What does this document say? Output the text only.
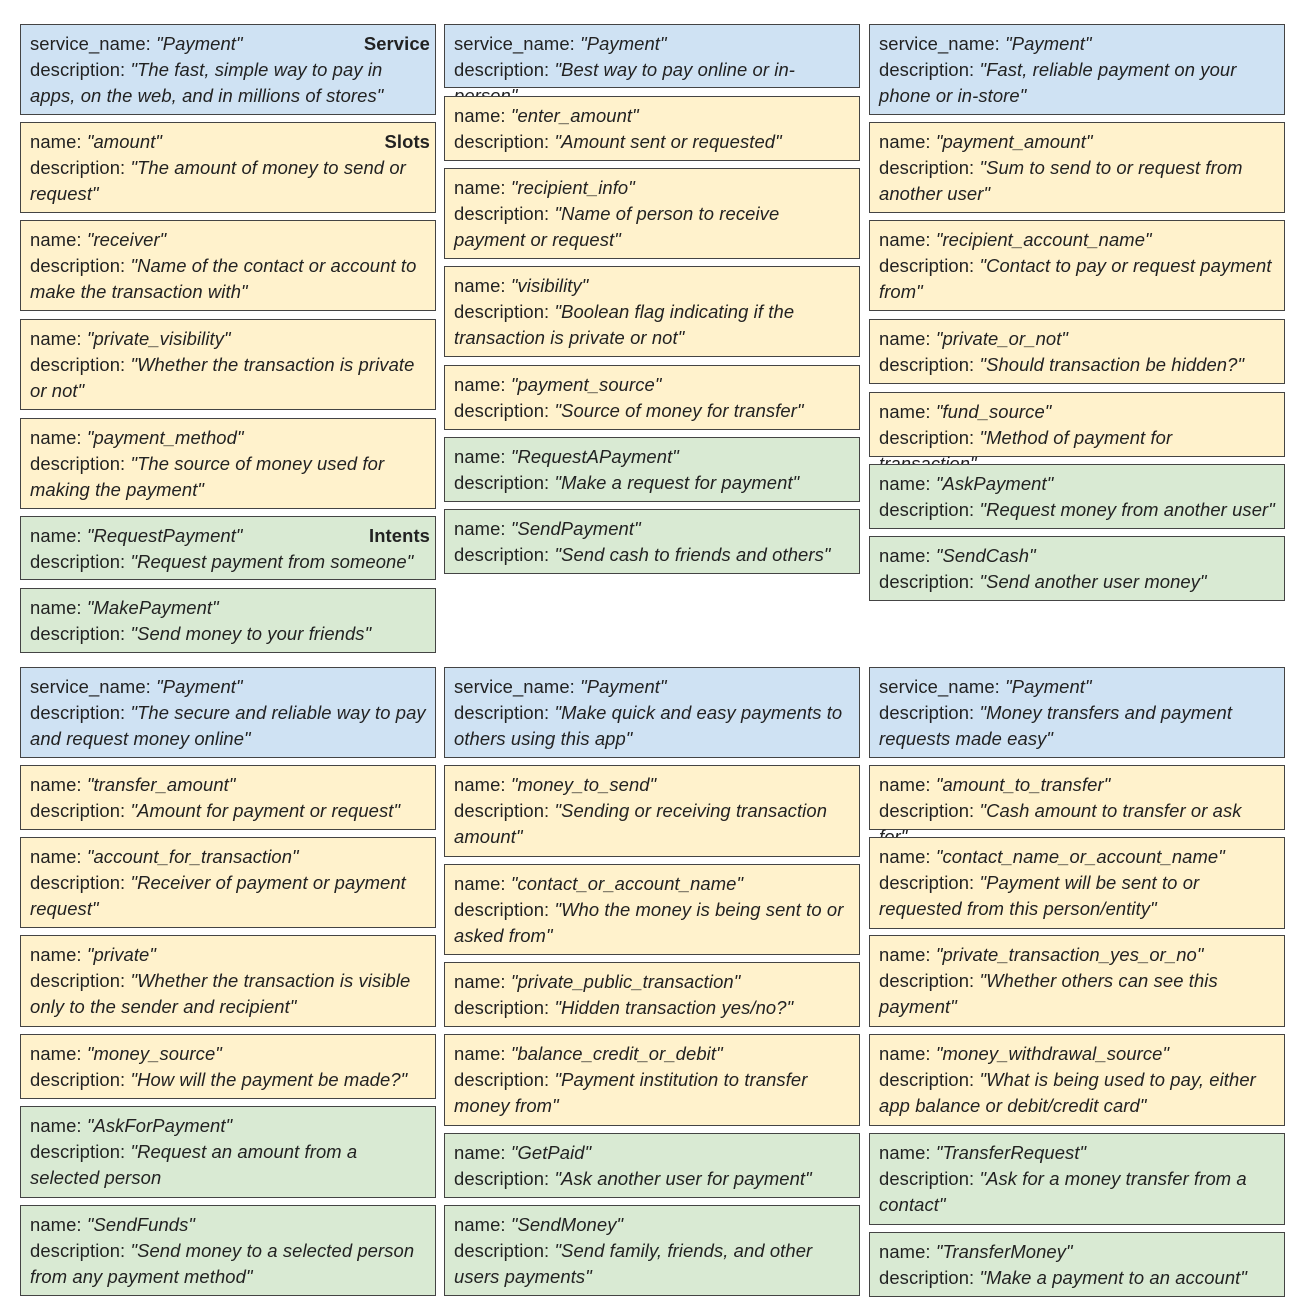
Service
service_name: "Payment"
description: "The fast, simple way to pay in apps, on the web, and in millions of stores"
Slots
name: "amount"
description: "The amount of money to send or request"
name: "receiver"
description: "Name of the contact or account to make the transaction with"
name: "private_visibility"
description: "Whether the transaction is private or not"
name: "payment_method"
description: "The source of money used for making the payment"
Intents
name: "RequestPayment"
description: "Request payment from someone"
name: "MakePayment"
description: "Send money to your friends"
service_name: "Payment"
description: "Best way to pay online or in-
name: "enter_amount"
description: "Amount sent or requested"
name: "recipient_info"
description: "Name of person to receive payment or request"
name: "visibility"
description: "Boolean flag indicating if the transaction is private or not"
name: "payment_source"
description: "Source of money for transfer"
name: "RequestAPayment"
description: "Make a request for payment"
name: "SendPayment"
description: "Send cash to friends and others"
service_name: "Payment"
description: "Fast, reliable payment on your phone or in-store"
name: "payment_amount"
description: "Sum to send to or request from another user"
name: "recipient_account_name"
description: "Contact to pay or request payment from"
name: "private_or_not"
description: "Should transaction be hidden?"
name: "fund_source"
description: "Method of payment for
name: "AskPayment"
description: "Request money from another user"
name: "SendCash"
description: "Send another user money"
service_name: "Payment"
description: "The secure and reliable way to pay and request money online"
name: "transfer_amount"
description: "Amount for payment or request"
name: "account_for_transaction"
description: "Receiver of payment or payment request"
name: "private"
description: "Whether the transaction is visible only to the sender and recipient"
name: "money_source"
description: "How will the payment be made?"
name: "AskForPayment"
description: "Request an amount from a selected person
name: "SendFunds"
description: "Send money to a selected person from any payment method"
service_name: "Payment"
description: "Make quick and easy payments to others using this app"
name: "money_to_send"
description: "Sending or receiving transaction amount"
name: "contact_or_account_name"
description: "Who the money is being sent to or asked from"
name: "private_public_transaction"
description: "Hidden transaction yes/no?"
name: "balance_credit_or_debit"
description: "Payment institution to transfer money from"
name: "GetPaid"
description: "Ask another user for payment"
name: "SendMoney"
description: "Send family, friends, and other users payments"
service_name: "Payment"
description: "Money transfers and payment requests made easy"
name: "amount_to_transfer"
description: "Cash amount to transfer or ask
name: "contact_name_or_account_name"
description: "Payment will be sent to or requested from this person/entity"
name: "private_transaction_yes_or_no"
description: "Whether others can see this payment"
name: "money_withdrawal_source"
description: "What is being used to pay, either app balance or debit/credit card"
name: "TransferRequest"
description: "Ask for a money transfer from a contact"
name: "TransferMoney"
description: "Make a payment to an account"
